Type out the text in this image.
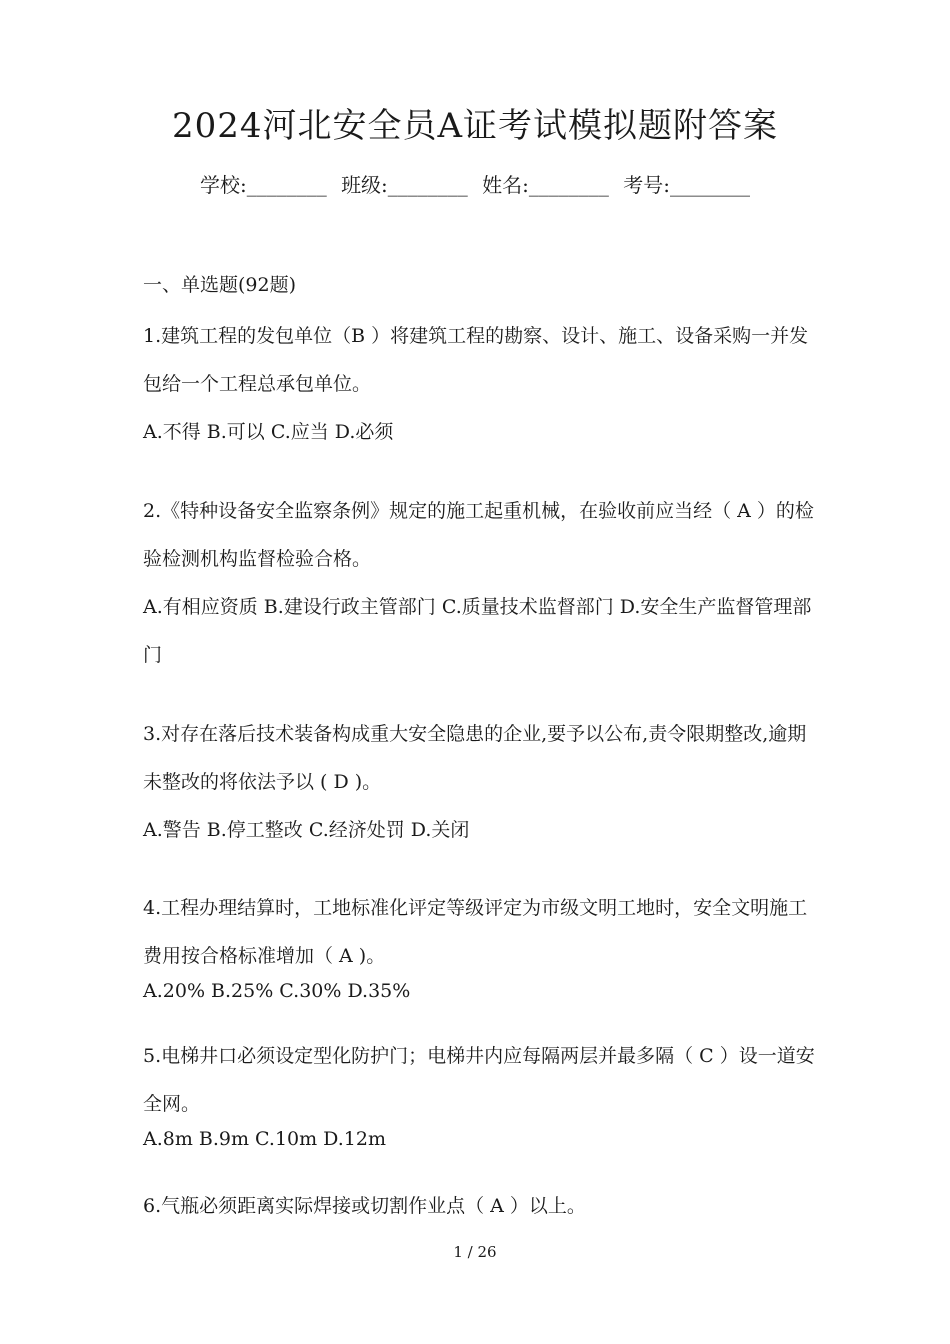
2024河北安全员A证考试模拟题附答案
学校:________ 班级:________ 姓名:________ 考号:________
一、单选题(92题)

1.建筑工程的发包单位（B ）将建筑工程的勘察、设计、施工、设备采购一并发包给一个工程总承包单位。

A.不得 B.可以 C.应当 D.必须

2.《特种设备安全监察条例》规定的施工起重机械，在验收前应当经（ A ）的检验检测机构监督检验合格。

A.有相应资质 B.建设行政主管部门 C.质量技术监督部门 D.安全生产监督管理部门

3.对存在落后技术装备构成重大安全隐患的企业,要予以公布,责令限期整改,逾期未整改的将依法予以 ( D )。

A.警告 B.停工整改 C.经济处罚 D.关闭

4.工程办理结算时，工地标准化评定等级评定为市级文明工地时，安全文明施工费用按合格标准增加（ A )。

A.20% B.25% C.30% D.35%

5.电梯井口必须设定型化防护门；电梯井内应每隔两层并最多隔（ C ）设一道安全网。

A.8m B.9m C.10m D.12m

6.气瓶必须距离实际焊接或切割作业点（ A ）以上。

1 / 26
